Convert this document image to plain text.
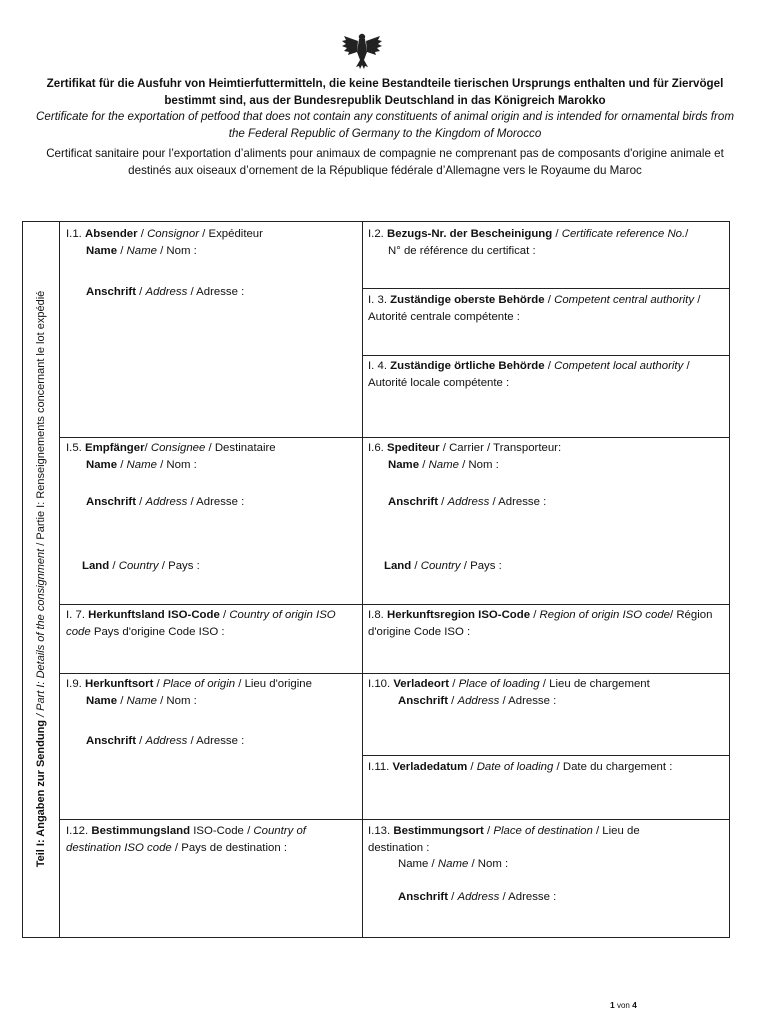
Zertifikat für die Ausfuhr von Heimtierfuttermitteln, die keine Bestandteile tierischen Ursprungs enthalten und für Ziervögel bestimmt sind, aus der Bundesrepublik Deutschland in das Königreich Marokko
Certificate for the exportation of petfood that does not contain any constituents of animal origin and is intended for ornamental birds from the Federal Republic of Germany to the Kingdom of Morocco
Certificat sanitaire pour l’exportation d’aliments pour animaux de compagnie ne comprenant pas de composants d'origine animale et destinés aux oiseaux d’ornement de la République fédérale d’Allemagne vers le Royaume du Maroc
Teil I: Angaben zur Sendung / Part I: Details of the consignment / Partie I: Renseignements concernant le lot expédié
I.1. Absender / Consignor / Expéditeur
Name / Name / Nom :
Anschrift / Address / Adresse :
I.2. Bezugs-Nr. der Bescheinigung / Certificate reference No./
N° de référence du certificat :
I. 3. Zuständige oberste Behörde / Competent central authority / Autorité centrale compétente :
I. 4. Zuständige örtliche Behörde / Competent local authority / Autorité locale compétente :
I.5. Empfänger/ Consignee / Destinataire
Name / Name / Nom :
Anschrift / Address / Adresse :
Land / Country / Pays :
I.6. Spediteur / Carrier / Transporteur:
Name / Name / Nom :
Anschrift / Address / Adresse :
Land / Country / Pays :
I. 7. Herkunftsland ISO-Code / Country of origin ISO code Pays d'origine Code ISO :
I.8. Herkunftsregion ISO-Code / Region of origin ISO code/ Région d'origine Code ISO :
I.9. Herkunftsort / Place of origin / Lieu d'origine
Name / Name / Nom :
Anschrift / Address / Adresse :
I.10. Verladeort / Place of loading / Lieu de chargement
Anschrift / Address / Adresse :
I.11. Verladedatum / Date of loading / Date du chargement :
I.12. Bestimmungsland ISO-Code / Country of destination ISO code / Pays de destination :
I.13. Bestimmungsort / Place of destination / Lieu de destination :
Name / Name / Nom :
Anschrift / Address / Adresse :
1 von 4
